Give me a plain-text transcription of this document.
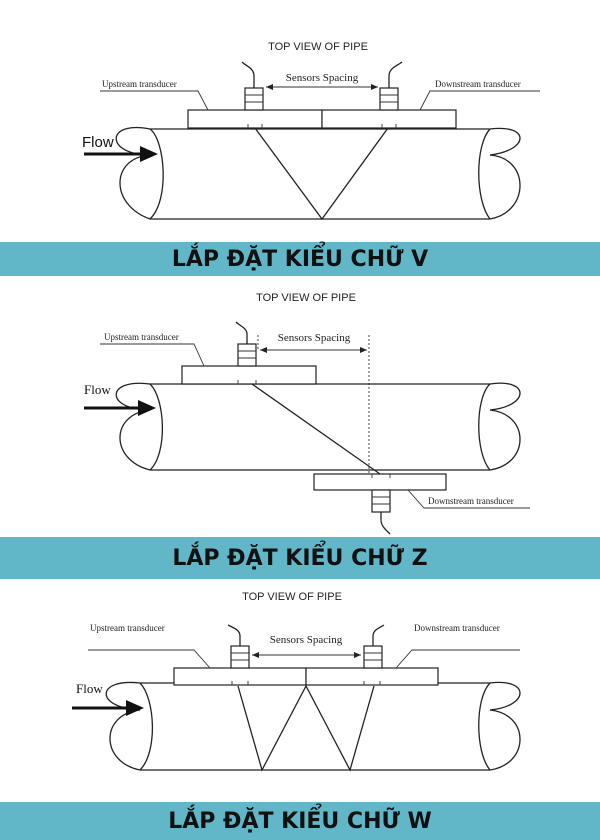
TOP VIEW OF PIPE
Sensors Spacing
Upstream transducer	Downstream transducer
Flow
LẮP ĐẶT KIỂU CHỮ V
TOP VIEW OF PIPE
Sensors Spacing
Upstream transducer
Downstream transducer
Flow
LẮP ĐẶT KIỂU CHỮ Z
TOP VIEW OF PIPE
Sensors Spacing
Upstream transducer	Downstream transducer
Flow
LẮP ĐẶT KIỂU CHỮ W
